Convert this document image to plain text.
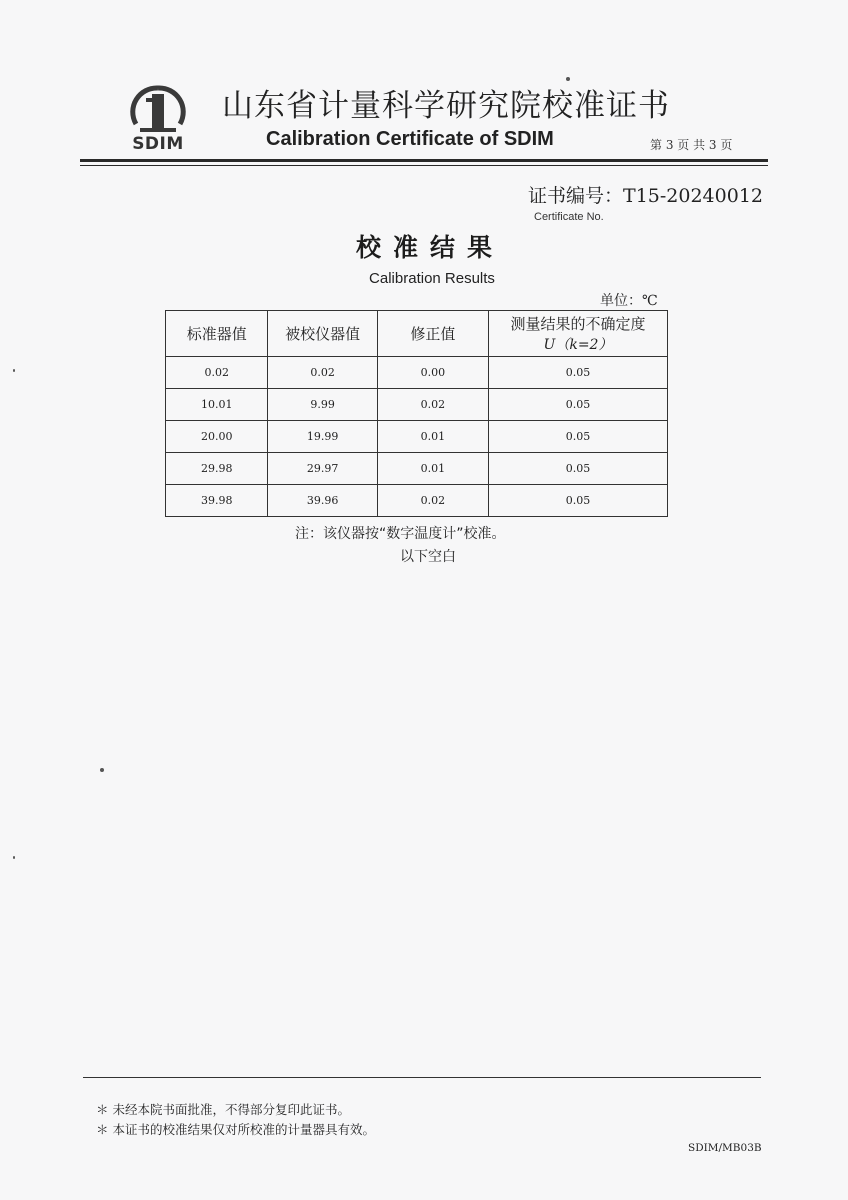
SDIM
山东省计量科学研究院校准证书
Calibration Certificate of SDIM	第 3 页 共 3 页
证书编号：T15-20240012
Certificate No.
校准结果
Calibration Results
单位：℃
标准器值	被校仪器值	修正值	测量结果的不确定度
U（k=2）

0.02	0.02	0.00	0.05
10.01	9.99	0.02	0.05
20.00	19.99	0.01	0.05
29.98	29.97	0.01	0.05
39.98	39.96	0.02	0.05
注：该仪器按“数字温度计”校准。
以下空白
＊ 未经本院书面批准，不得部分复印此证书。
＊ 本证书的校准结果仅对所校准的计量器具有效。
SDIM/MB03B
